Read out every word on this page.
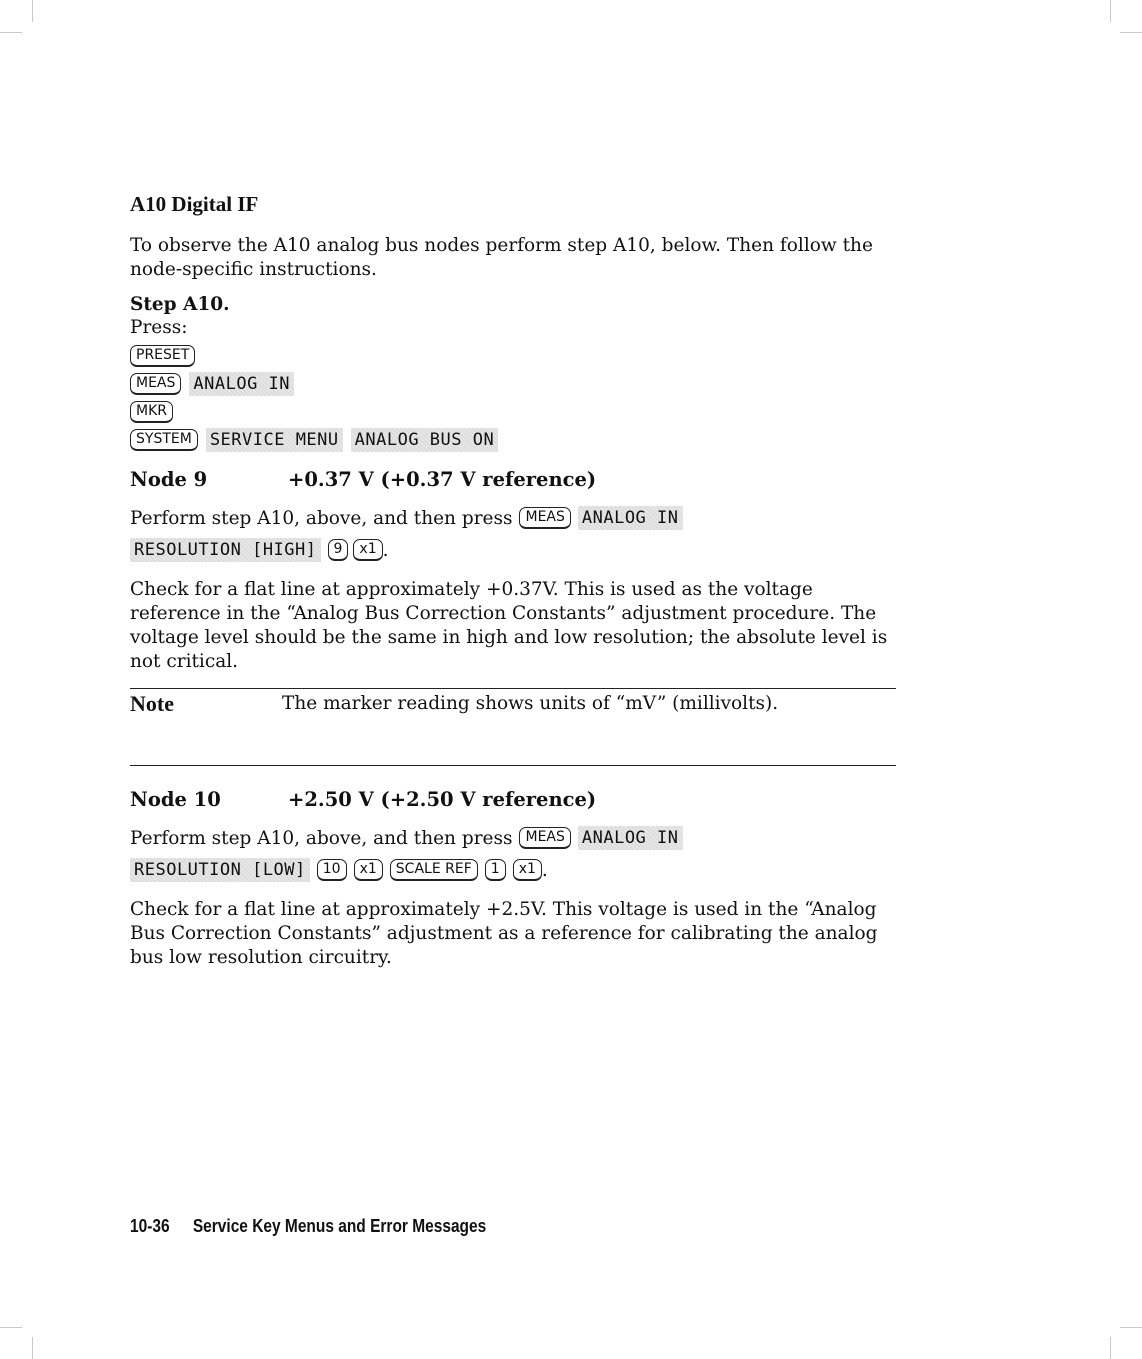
A10 Digital IF

To observe the A10 analog bus nodes perform step A10, below. Then follow the node-specific instructions.

Step A10.
Press:
PRESET
MEAS	ANALOG IN
MKR
SYSTEM	SERVICE MENU ANALOG BUS ON
Node 9	+0.37 V (+0.37 V reference)
Perform step A10, above, and then press MEAS	ANALOG IN
RESOLUTION [HIGH]	9	x1 .

Check for a flat line at approximately +0.37V. This is used as the voltage reference in the “Analog Bus Correction Constants” adjustment procedure. The voltage level should be the same in high and low resolution; the absolute level is not critical.

Note	The marker reading shows units of “mV” (millivolts).
Node 10	+2.50 V (+2.50 V reference)
Perform step A10, above, and then press MEAS	ANALOG IN
RESOLUTION [LOW]	10	x1	SCALE REF	1	x1 .

Check for a flat line at approximately +2.5V. This voltage is used in the “Analog Bus Correction Constants” adjustment as a reference for calibrating the analog bus low resolution circuitry.

10-36 Service Key Menus and Error Messages
